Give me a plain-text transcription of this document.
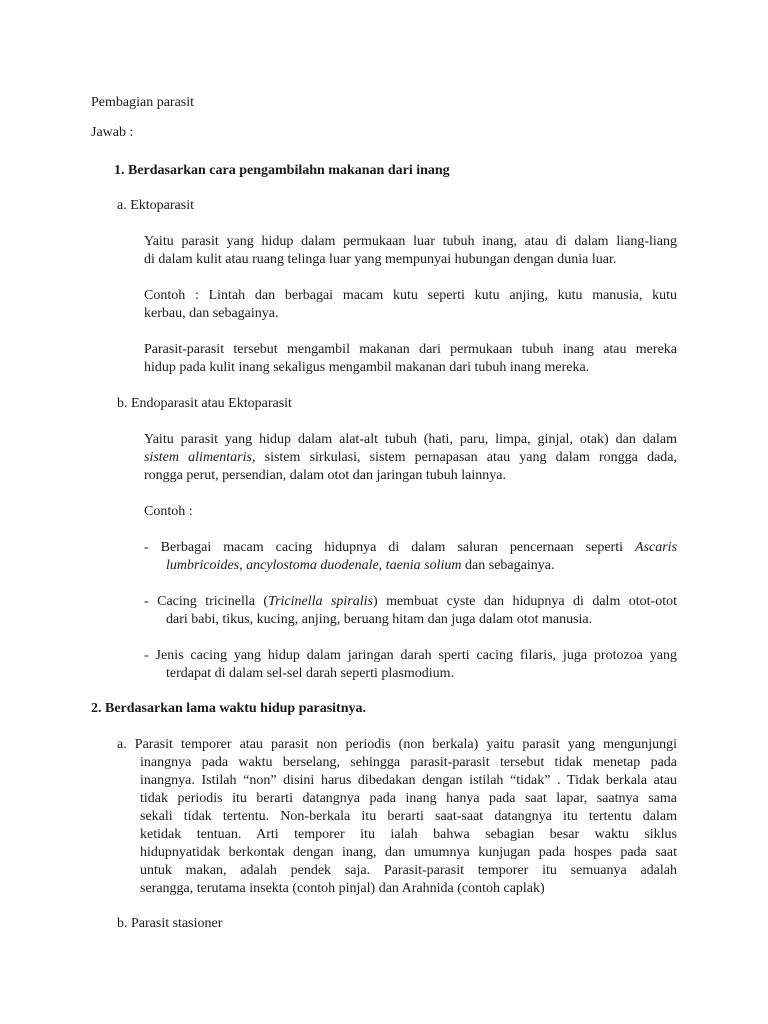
Pembagian parasit
Jawab :
1. Berdasarkan cara pengambilahn makanan dari inang
a. Ektoparasit
Yaitu parasit yang hidup dalam permukaan luar tubuh inang, atau di dalam liang-liang
di dalam kulit atau ruang telinga luar yang mempunyai hubungan dengan dunia luar.
Contoh : Lintah dan berbagai macam kutu seperti kutu anjing, kutu manusia, kutu
kerbau, dan sebagainya.
Parasit-parasit tersebut mengambil makanan dari permukaan tubuh inang atau mereka
hidup pada kulit inang sekaligus mengambil makanan dari tubuh inang mereka.
b. Endoparasit atau Ektoparasit
Yaitu parasit yang hidup dalam alat-alt tubuh (hati, paru, limpa, ginjal, otak) dan dalam
sistem alimentaris, sistem sirkulasi, sistem pernapasan atau yang dalam rongga dada,
rongga perut, persendian, dalam otot dan jaringan tubuh lainnya.
Contoh :
- Berbagai macam cacing hidupnya di dalam saluran pencernaan seperti Ascaris
lumbricoides, ancylostoma duodenale, taenia solium dan sebagainya.
- Cacing tricinella (Tricinella spiralis) membuat cyste dan hidupnya di dalm otot-otot
dari babi, tikus, kucing, anjing, beruang hitam dan juga dalam otot manusia.
- Jenis cacing yang hidup dalam jaringan darah sperti cacing filaris, juga protozoa yang
terdapat di dalam sel-sel darah seperti plasmodium.
2. Berdasarkan lama waktu hidup parasitnya.
a. Parasit temporer atau parasit non periodis (non berkala) yaitu parasit yang mengunjungi
inangnya pada waktu berselang, sehingga parasit-parasit tersebut tidak menetap pada
inangnya. Istilah “non” disini harus dibedakan dengan istilah “tidak” . Tidak berkala atau
tidak periodis itu berarti datangnya pada inang hanya pada saat lapar, saatnya sama
sekali tidak tertentu. Non-berkala itu berarti saat-saat datangnya itu tertentu dalam
ketidak tentuan. Arti temporer itu ialah bahwa sebagian besar waktu siklus
hidupnyatidak berkontak dengan inang, dan umumnya kunjugan pada hospes pada saat
untuk makan, adalah pendek saja. Parasit-parasit temporer itu semuanya adalah
serangga, terutama insekta (contoh pinjal) dan Arahnida (contoh caplak)
b. Parasit stasioner
